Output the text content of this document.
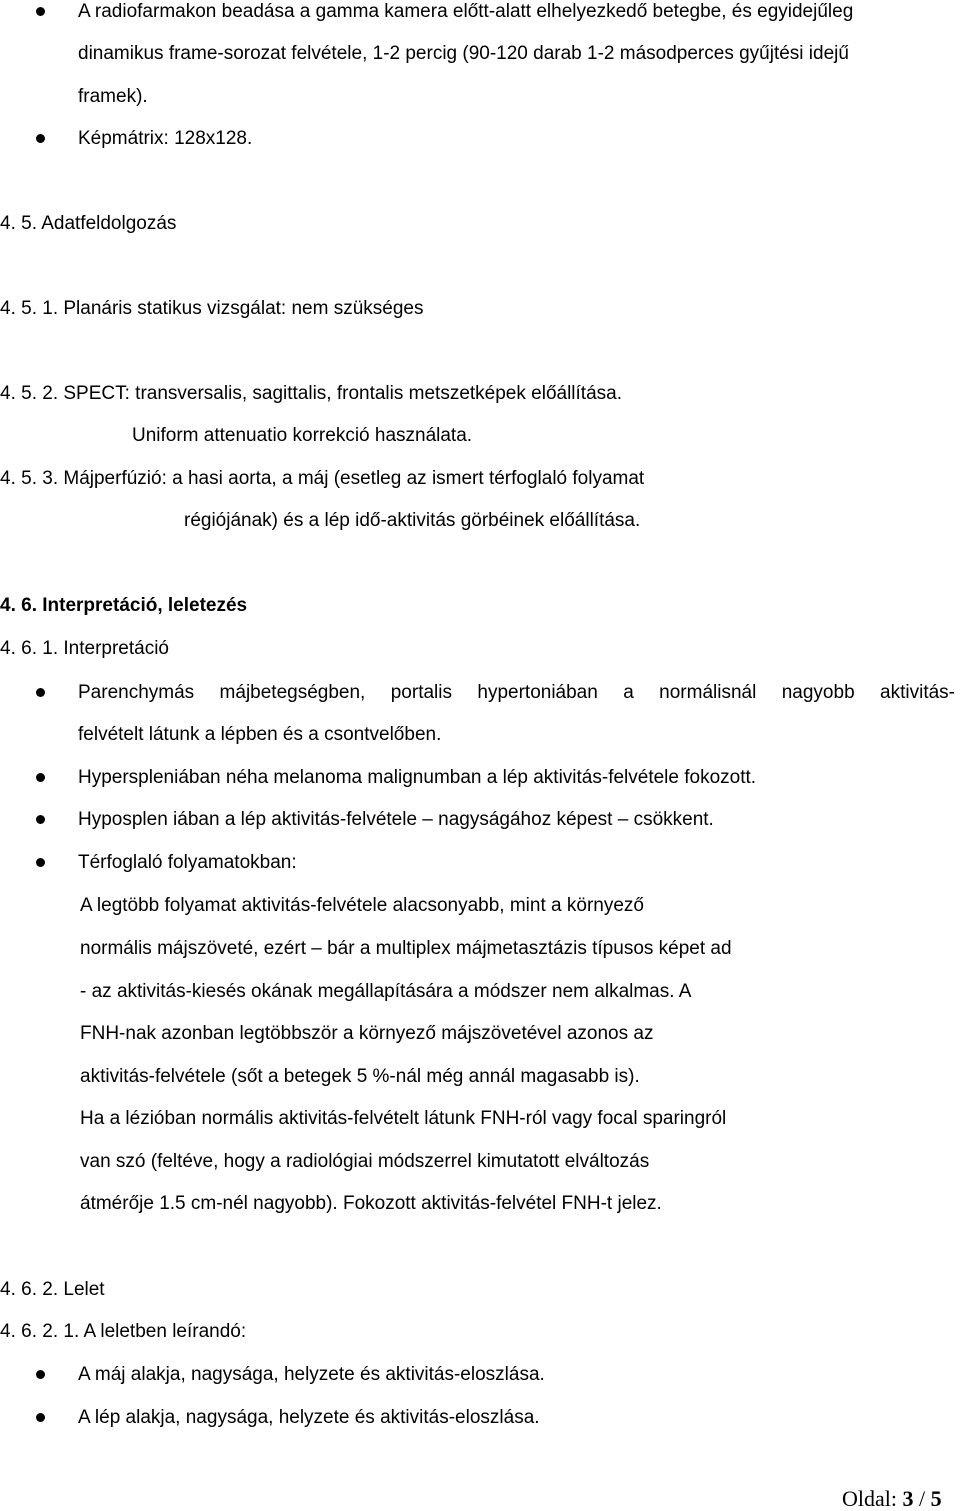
A radiofarmakon beadása a gamma kamera előtt-alatt elhelyezkedő betegbe, és egyidejűleg
dinamikus frame-sorozat felvétele, 1-2 percig (90-120 darab 1-2 másodperces gyűjtési idejű
framek).
Képmátrix: 128x128.
4. 5. Adatfeldolgozás
4. 5. 1. Planáris statikus vizsgálat: nem szükséges
4. 5. 2. SPECT: transversalis, sagittalis, frontalis metszetképek előállítása.
Uniform attenuatio korrekció használata.
4. 5. 3. Májperfúzió: a hasi aorta, a máj (esetleg az ismert térfoglaló folyamat
régiójának) és a lép idő-aktivitás görbéinek előállítása.
4. 6. Interpretáció, leletezés
4. 6. 1. Interpretáció
Parenchymás májbetegségben, portalis hypertoniában a normálisnál nagyobb aktivitás-
felvételt látunk a lépben és a csontvelőben.
Hyperspleniában néha melanoma malignumban a lép aktivitás-felvétele fokozott.
Hyposplen iában a lép aktivitás-felvétele – nagyságához képest – csökkent.
Térfoglaló folyamatokban:
A legtöbb folyamat aktivitás-felvétele alacsonyabb, mint a környező
normális májszöveté, ezért – bár a multiplex májmetasztázis típusos képet ad
- az aktivitás-kiesés okának megállapítására a módszer nem alkalmas. A
FNH-nak azonban legtöbbször a környező májszövetével azonos az
aktivitás-felvétele (sőt a betegek 5 %-nál még annál magasabb is).
Ha a lézióban normális aktivitás-felvételt látunk FNH-ról vagy focal sparingról
van szó (feltéve, hogy a radiológiai módszerrel kimutatott elváltozás
átmérője 1.5 cm-nél nagyobb). Fokozott aktivitás-felvétel FNH-t jelez.
4. 6. 2. Lelet
4. 6. 2. 1. A leletben leírandó:
A máj alakja, nagysága, helyzete és aktivitás-eloszlása.
A lép alakja, nagysága, helyzete és aktivitás-eloszlása.
Oldal: 3 / 5
